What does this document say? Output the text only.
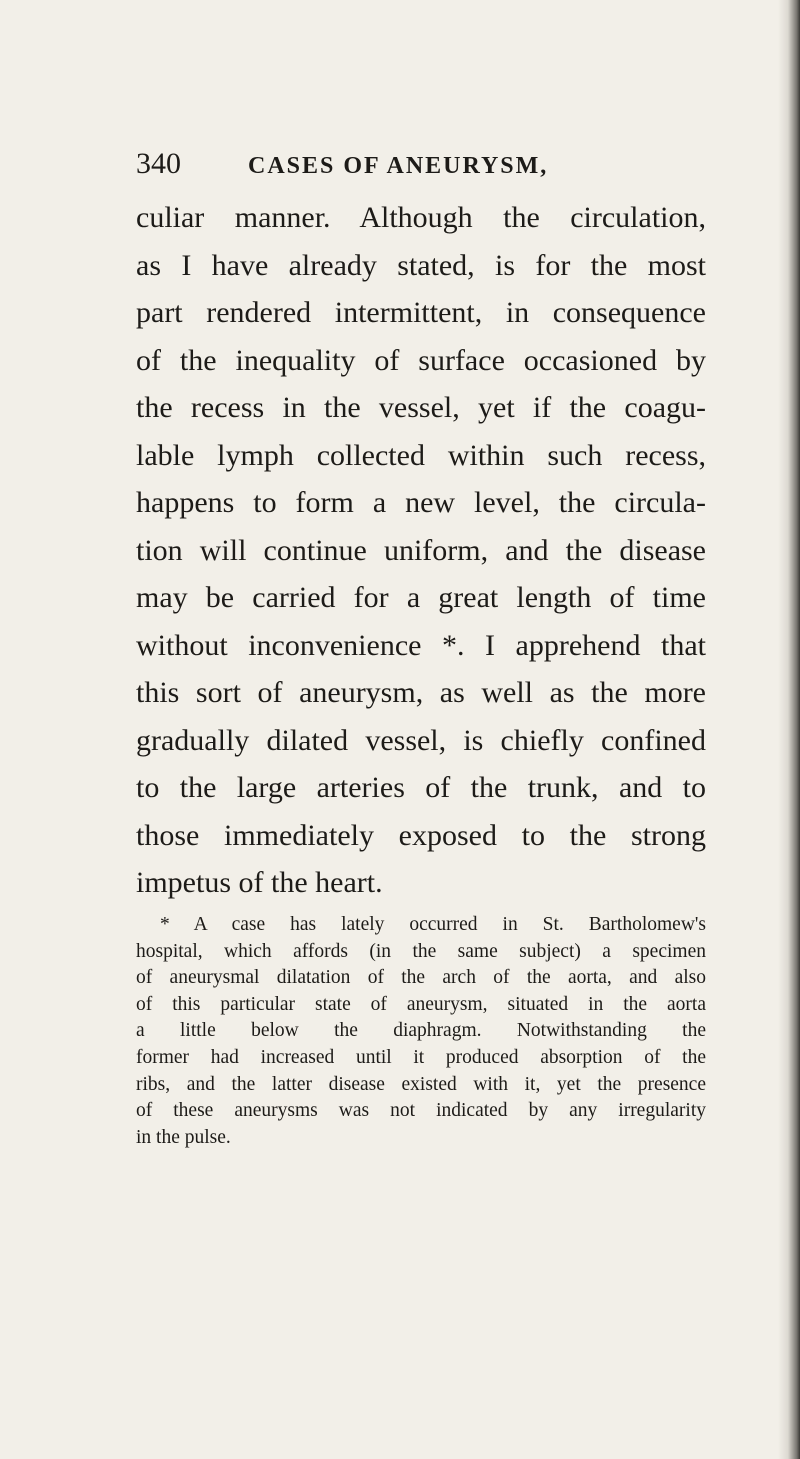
340	CASES OF ANEURYSM,
culiar manner. Although the circulation,
as I have already stated, is for the most
part rendered intermittent, in consequence
of the inequality of surface occasioned by
the recess in the vessel, yet if the coagu-
lable lymph collected within such recess,
happens to form a new level, the circula-
tion will continue uniform, and the disease
may be carried for a great length of time
without inconvenience *. I apprehend that
this sort of aneurysm, as well as the more
gradually dilated vessel, is chiefly confined
to the large arteries of the trunk, and to
those immediately exposed to the strong
impetus of the heart.
* A case has lately occurred in St. Bartholomew's
hospital, which affords (in the same subject) a specimen
of aneurysmal dilatation of the arch of the aorta, and also
of this particular state of aneurysm, situated in the aorta
a little below the diaphragm. Notwithstanding the
former had increased until it produced absorption of the
ribs, and the latter disease existed with it, yet the presence
of these aneurysms was not indicated by any irregularity
in the pulse.
